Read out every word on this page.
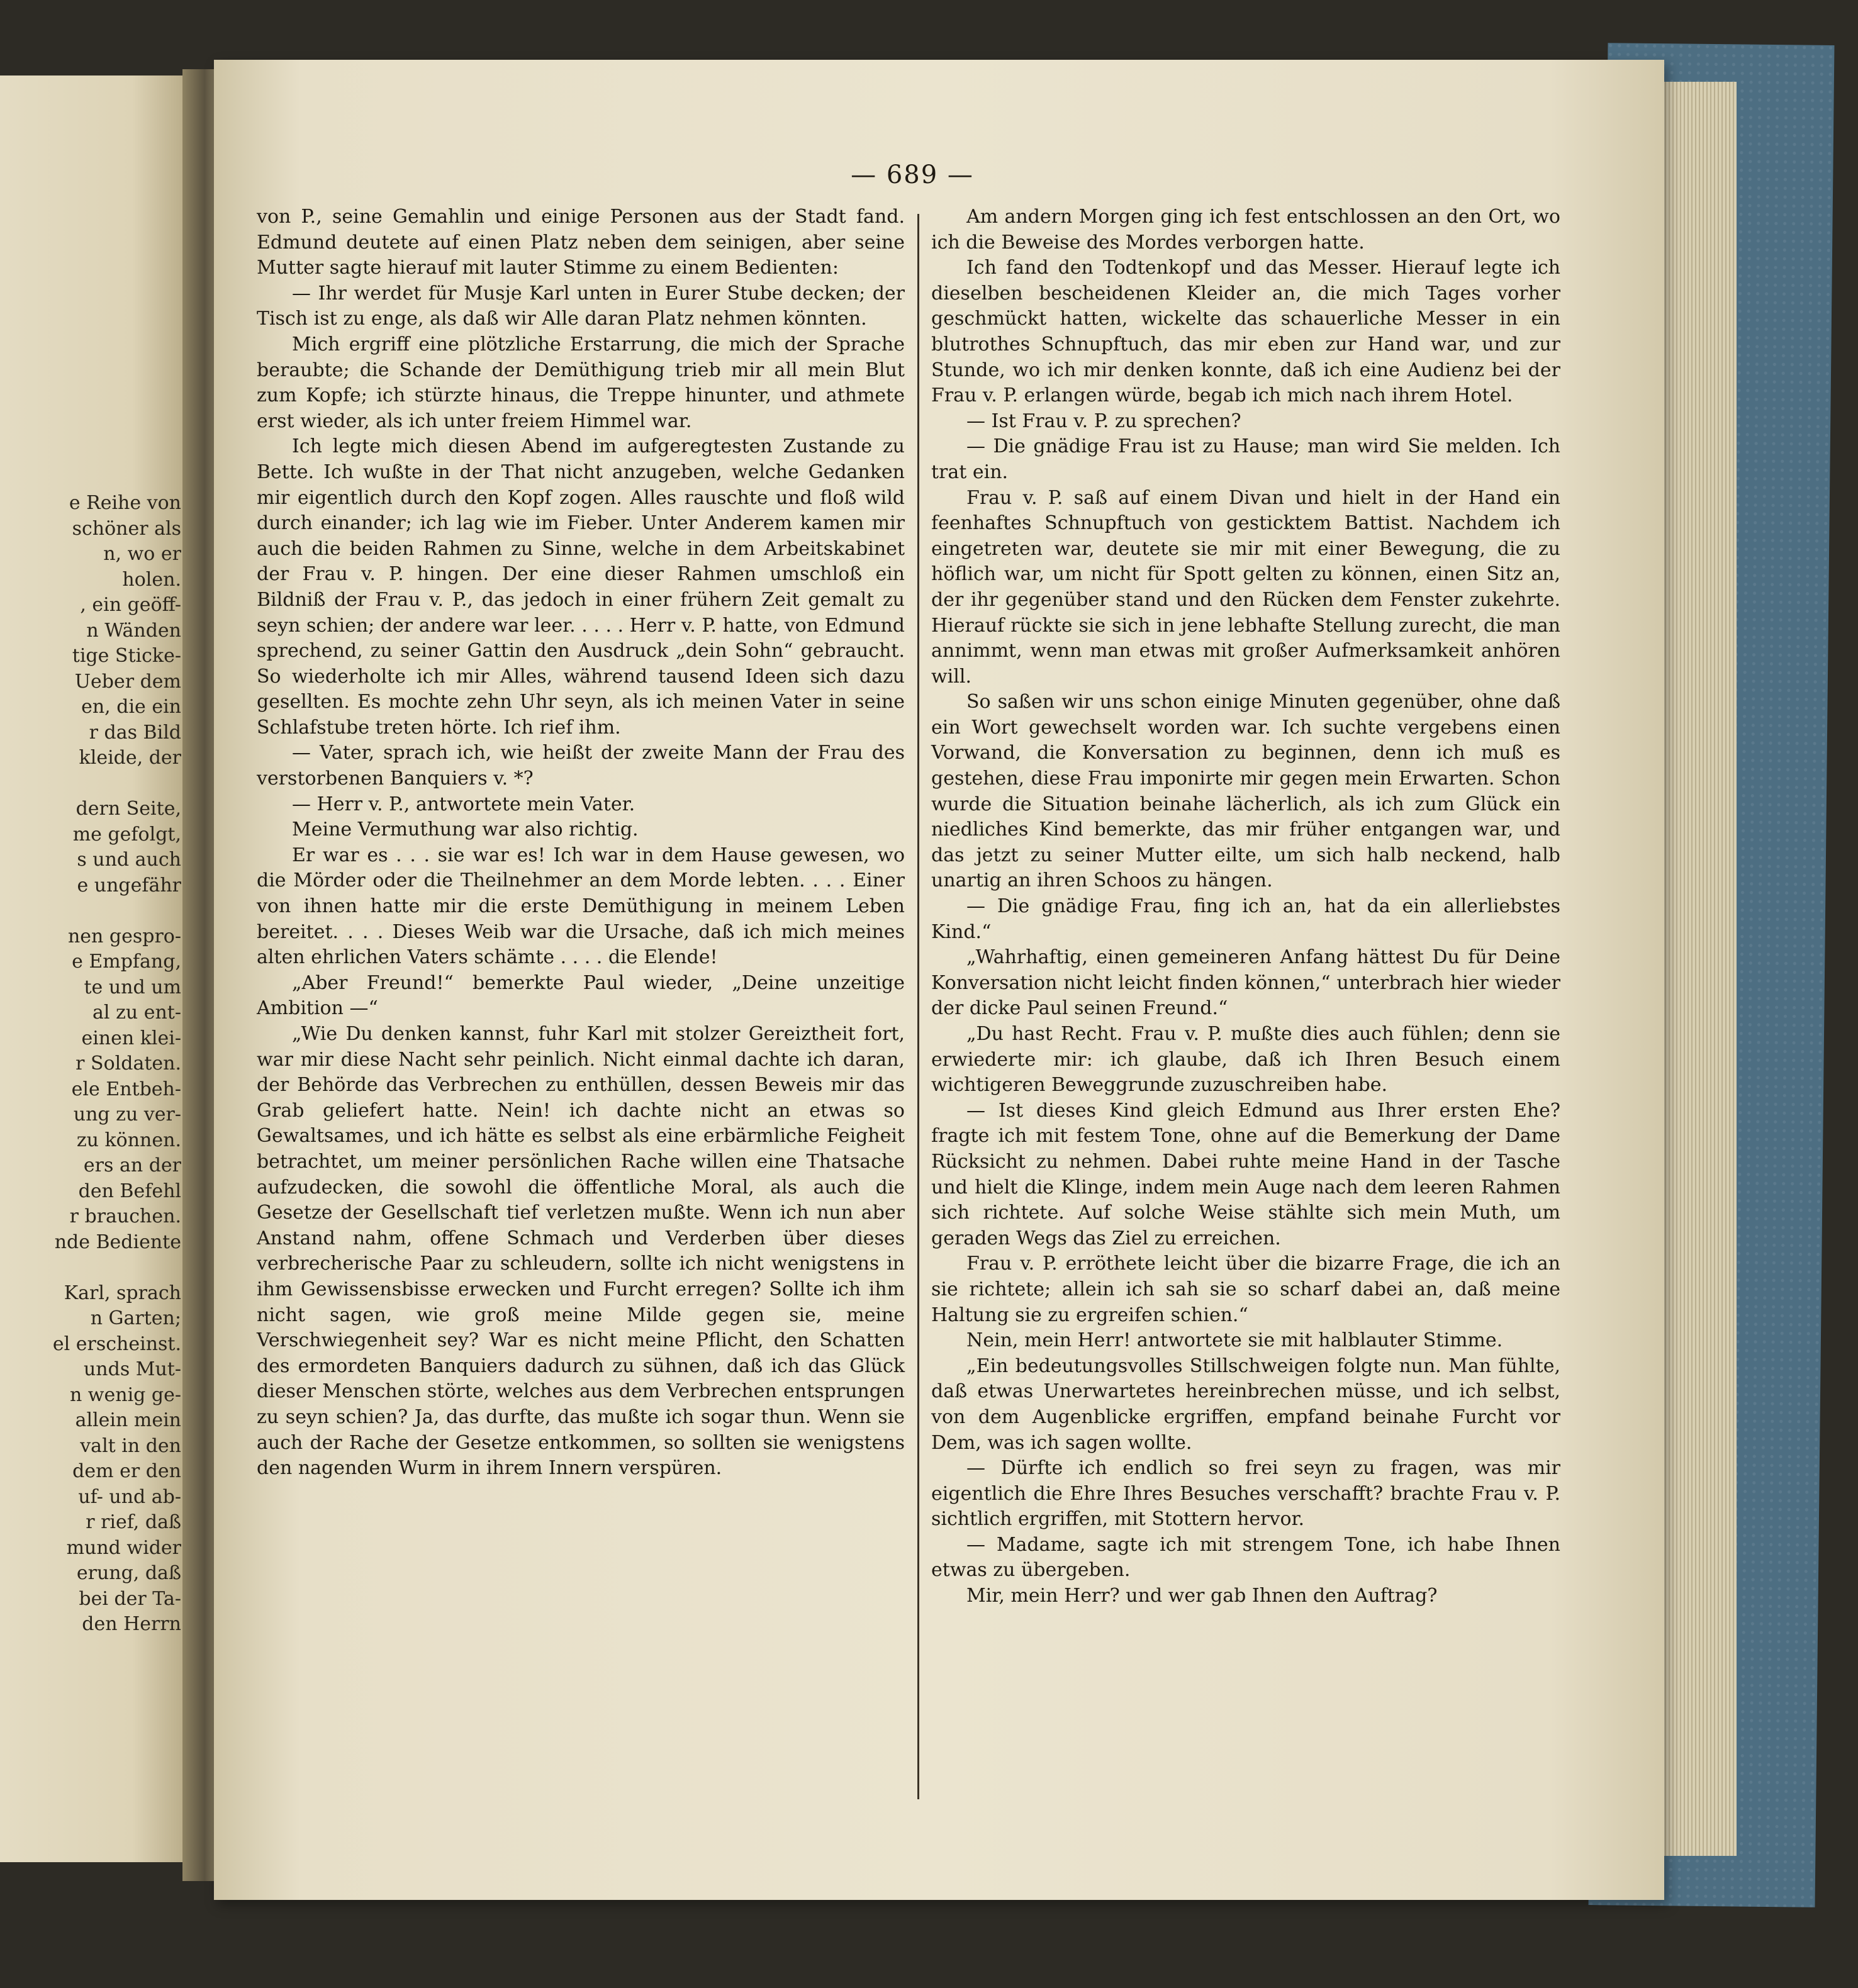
e Reihe von
schöner als
n, wo er
holen.
, ein geöff-
n Wänden
tige Sticke-
Ueber dem
en, die ein
r das Bild
kleide, der

dern Seite,
me gefolgt,
s und auch
e ungefähr

nen gespro-
e Empfang,
te und um
al zu ent-
einen klei-
r Soldaten.
ele Entbeh-
ung zu ver-
zu können.
ers an der
den Befehl
r brauchen.
nde Bediente

Karl, sprach
n Garten;
el erscheinst.
unds Mut-
n wenig ge-
allein mein
valt in den
dem er den
uf- und ab-
r rief, daß
mund wider
erung, daß
bei der Ta-
den Herrn
— 689 —

von P., seine Gemahlin und einige Personen aus der Stadt fand. Edmund deutete auf einen Platz neben dem seinigen, aber seine Mutter sagte hierauf mit lauter Stimme zu einem Bedienten:

— Ihr werdet für Musje Karl unten in Eurer Stube decken; der Tisch ist zu enge, als daß wir Alle daran Platz nehmen könnten.

Mich ergriff eine plötzliche Erstarrung, die mich der Sprache beraubte; die Schande der Demüthigung trieb mir all mein Blut zum Kopfe; ich stürzte hinaus, die Treppe hinunter, und athmete erst wieder, als ich unter freiem Himmel war.

Ich legte mich diesen Abend im aufgeregtesten Zustande zu Bette. Ich wußte in der That nicht anzugeben, welche Gedanken mir eigentlich durch den Kopf zogen. Alles rauschte und floß wild durch einander; ich lag wie im Fieber. Unter Anderem kamen mir auch die beiden Rahmen zu Sinne, welche in dem Arbeitskabinet der Frau v. P. hingen. Der eine dieser Rahmen umschloß ein Bildniß der Frau v. P., das jedoch in einer frühern Zeit gemalt zu seyn schien; der andere war leer. . . . . Herr v. P. hatte, von Edmund sprechend, zu seiner Gattin den Ausdruck „dein Sohn“ gebraucht. So wiederholte ich mir Alles, während tausend Ideen sich dazu gesellten. Es mochte zehn Uhr seyn, als ich meinen Vater in seine Schlafstube treten hörte. Ich rief ihm.

— Vater, sprach ich, wie heißt der zweite Mann der Frau des verstorbenen Banquiers v. *?

— Herr v. P., antwortete mein Vater.

Meine Vermuthung war also richtig.

Er war es . . . sie war es! Ich war in dem Hause gewesen, wo die Mörder oder die Theilnehmer an dem Morde lebten. . . . Einer von ihnen hatte mir die erste Demüthigung in meinem Leben bereitet. . . . Dieses Weib war die Ursache, daß ich mich meines alten ehrlichen Vaters schämte . . . . die Elende!

„Aber Freund!“ bemerkte Paul wieder, „Deine unzeitige Ambition —“

„Wie Du denken kannst, fuhr Karl mit stolzer Gereiztheit fort, war mir diese Nacht sehr peinlich. Nicht einmal dachte ich daran, der Behörde das Verbrechen zu enthüllen, dessen Beweis mir das Grab geliefert hatte. Nein! ich dachte nicht an etwas so Gewaltsames, und ich hätte es selbst als eine erbärmliche Feigheit betrachtet, um meiner persönlichen Rache willen eine Thatsache aufzudecken, die sowohl die öffentliche Moral, als auch die Gesetze der Gesellschaft tief verletzen mußte. Wenn ich nun aber Anstand nahm, offene Schmach und Verderben über dieses verbrecherische Paar zu schleudern, sollte ich nicht wenigstens in ihm Gewissensbisse erwecken und Furcht erregen? Sollte ich ihm nicht sagen, wie groß meine Milde gegen sie, meine Verschwiegenheit sey? War es nicht meine Pflicht, den Schatten des ermordeten Banquiers dadurch zu sühnen, daß ich das Glück dieser Menschen störte, welches aus dem Verbrechen entsprungen zu seyn schien? Ja, das durfte, das mußte ich sogar thun. Wenn sie auch der Rache der Gesetze entkommen, so sollten sie wenigstens den nagenden Wurm in ihrem Innern verspüren.

Am andern Morgen ging ich fest entschlossen an den Ort, wo ich die Beweise des Mordes verborgen hatte.

Ich fand den Todtenkopf und das Messer. Hierauf legte ich dieselben bescheidenen Kleider an, die mich Tages vorher geschmückt hatten, wickelte das schauerliche Messer in ein blutrothes Schnupftuch, das mir eben zur Hand war, und zur Stunde, wo ich mir denken konnte, daß ich eine Audienz bei der Frau v. P. erlangen würde, begab ich mich nach ihrem Hotel.

— Ist Frau v. P. zu sprechen?

— Die gnädige Frau ist zu Hause; man wird Sie melden. Ich trat ein.

Frau v. P. saß auf einem Divan und hielt in der Hand ein feenhaftes Schnupftuch von gesticktem Battist. Nachdem ich eingetreten war, deutete sie mir mit einer Bewegung, die zu höflich war, um nicht für Spott gelten zu können, einen Sitz an, der ihr gegenüber stand und den Rücken dem Fenster zukehrte. Hierauf rückte sie sich in jene lebhafte Stellung zurecht, die man annimmt, wenn man etwas mit großer Aufmerksamkeit anhören will.

So saßen wir uns schon einige Minuten gegenüber, ohne daß ein Wort gewechselt worden war. Ich suchte vergebens einen Vorwand, die Konversation zu beginnen, denn ich muß es gestehen, diese Frau imponirte mir gegen mein Erwarten. Schon wurde die Situation beinahe lächerlich, als ich zum Glück ein niedliches Kind bemerkte, das mir früher entgangen war, und das jetzt zu seiner Mutter eilte, um sich halb neckend, halb unartig an ihren Schoos zu hängen.

— Die gnädige Frau, fing ich an, hat da ein allerliebstes Kind.“

„Wahrhaftig, einen gemeineren Anfang hättest Du für Deine Konversation nicht leicht finden können,“ unterbrach hier wieder der dicke Paul seinen Freund.“

„Du hast Recht. Frau v. P. mußte dies auch fühlen; denn sie erwiederte mir: ich glaube, daß ich Ihren Besuch einem wichtigeren Beweggrunde zuzuschreiben habe.

— Ist dieses Kind gleich Edmund aus Ihrer ersten Ehe? fragte ich mit festem Tone, ohne auf die Bemerkung der Dame Rücksicht zu nehmen. Dabei ruhte meine Hand in der Tasche und hielt die Klinge, indem mein Auge nach dem leeren Rahmen sich richtete. Auf solche Weise stählte sich mein Muth, um geraden Wegs das Ziel zu erreichen.

Frau v. P. erröthete leicht über die bizarre Frage, die ich an sie richtete; allein ich sah sie so scharf dabei an, daß meine Haltung sie zu ergreifen schien.“

Nein, mein Herr! antwortete sie mit halblauter Stimme.

„Ein bedeutungsvolles Stillschweigen folgte nun. Man fühlte, daß etwas Unerwartetes hereinbrechen müsse, und ich selbst, von dem Augenblicke ergriffen, empfand beinahe Furcht vor Dem, was ich sagen wollte.

— Dürfte ich endlich so frei seyn zu fragen, was mir eigentlich die Ehre Ihres Besuches verschafft? brachte Frau v. P. sichtlich ergriffen, mit Stottern hervor.

— Madame, sagte ich mit strengem Tone, ich habe Ihnen etwas zu übergeben.

Mir, mein Herr? und wer gab Ihnen den Auftrag?
